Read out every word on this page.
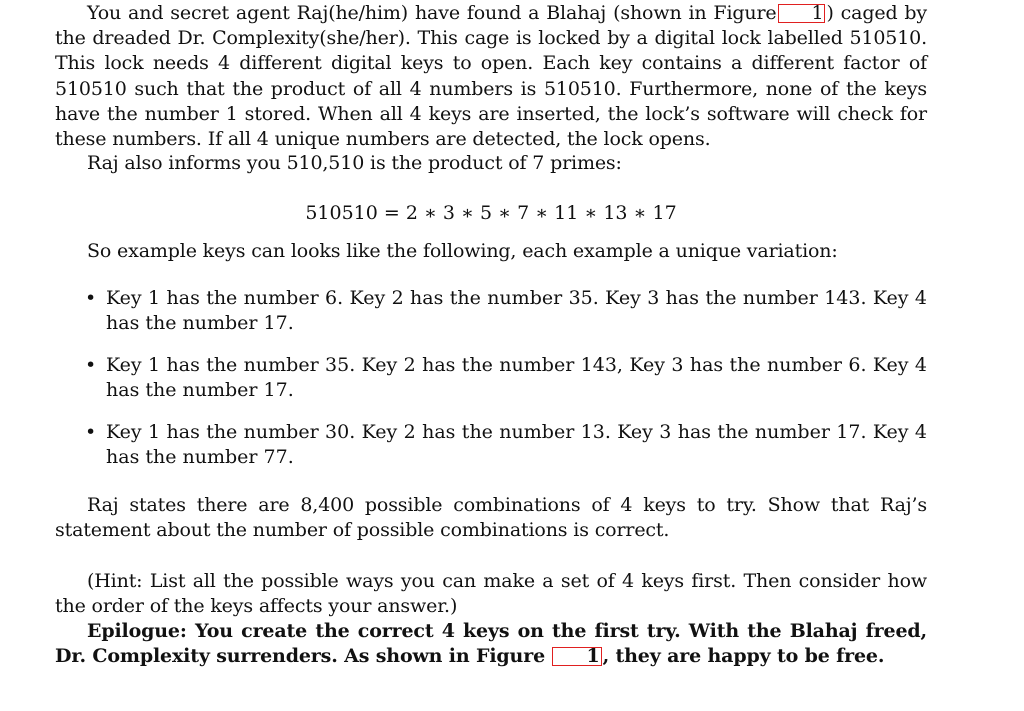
You and secret agent Raj(he/him) have found a Blahaj (shown in Figure 1 ) caged by the dreaded Dr. Complexity(she/her). This cage is locked by a digital lock labelled 510510. This lock needs 4 different digital keys to open. Each key contains a different factor of 510510 such that the product of all 4 numbers is 510510. Furthermore, none of the keys have the number 1 stored. When all 4 keys are inserted, the lock’s software will check for these numbers. If all 4 unique numbers are detected, the lock opens.

Raj also informs you 510,510 is the product of 7 primes:

510510 = 2 ∗ 3 ∗ 5 ∗ 7 ∗ 11 ∗ 13 ∗ 17

So example keys can looks like the following, each example a unique variation:

• Key 1 has the number 6. Key 2 has the number 35. Key 3 has the number 143. Key 4 has the number 17.
• Key 1 has the number 35. Key 2 has the number 143, Key 3 has the number 6. Key 4 has the number 17.
• Key 1 has the number 30. Key 2 has the number 13. Key 3 has the number 17. Key 4 has the number 77.

Raj states there are 8,400 possible combinations of 4 keys to try. Show that Raj’s statement about the number of possible combinations is correct.

(Hint: List all the possible ways you can make a set of 4 keys first. Then consider how the order of the keys affects your answer.)

Epilogue: You create the correct 4 keys on the first try. With the Blahaj freed, Dr. Complexity surrenders. As shown in Figure 1 , they are happy to be free.
